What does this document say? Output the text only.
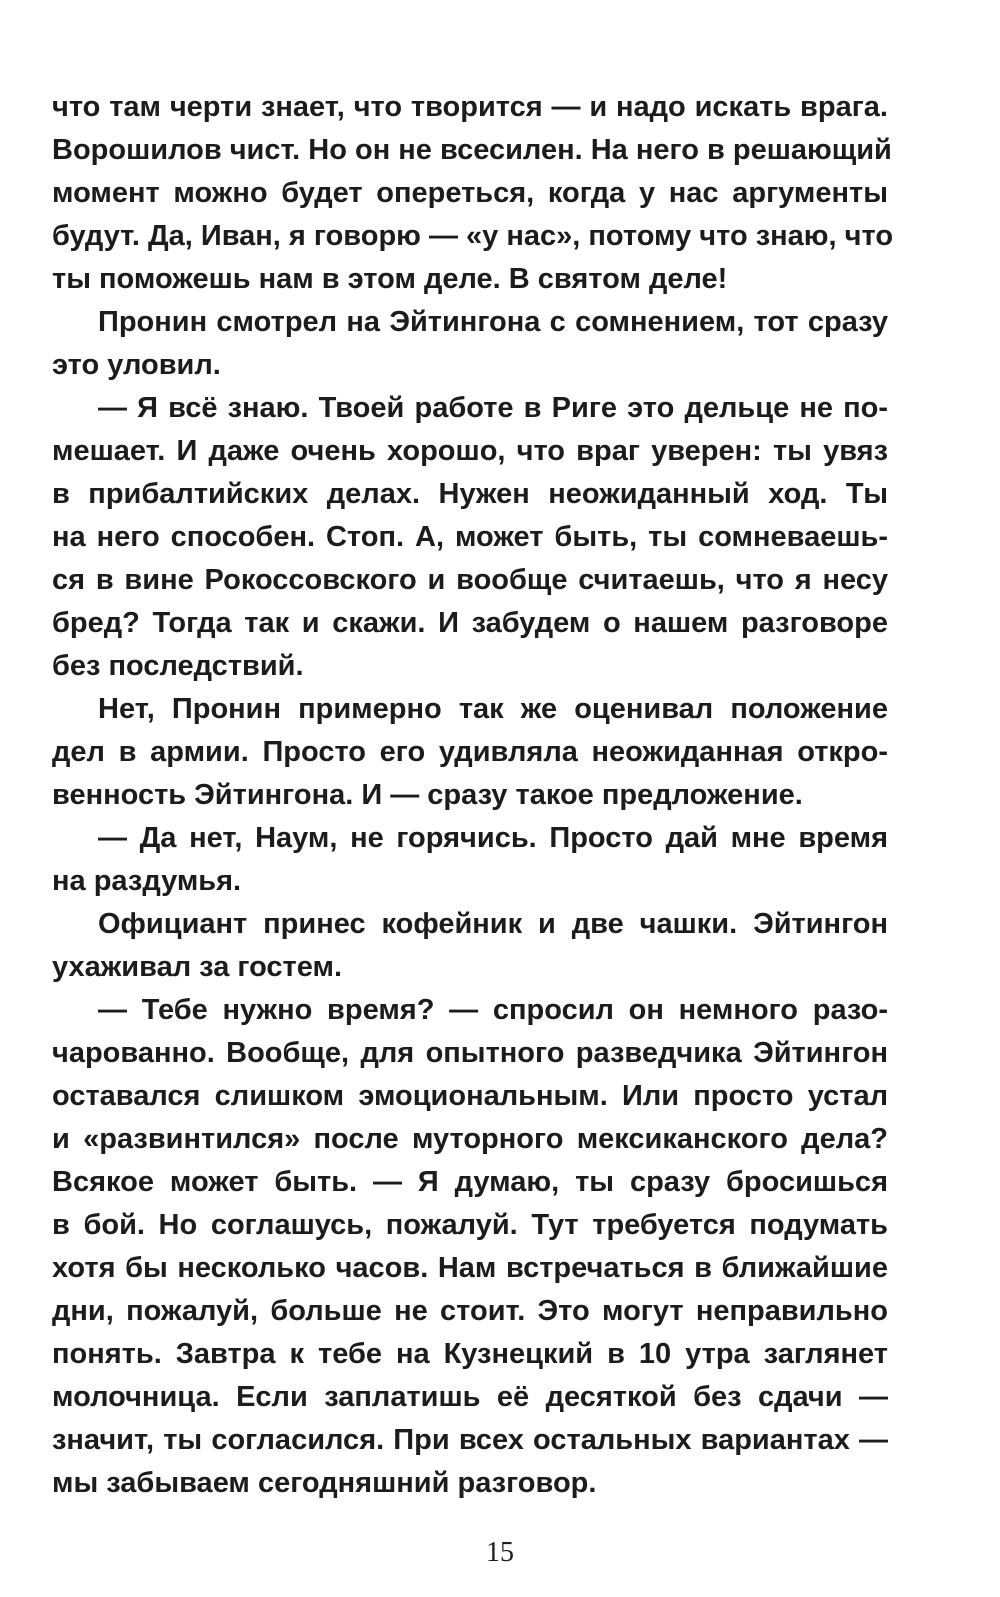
что там черти знает, что творится — и надо искать врага.
Ворошилов чист. Но он не всесилен. На него в решающий
момент можно будет опереться, когда у нас аргументы
будут. Да, Иван, я говорю — «у нас», потому что знаю, что
ты поможешь нам в этом деле. В святом деле!
Пронин смотрел на Эйтингона с сомнением, тот сразу
это уловил.
— Я всё знаю. Твоей работе в Риге это дельце не по-
мешает. И даже очень хорошо, что враг уверен: ты увяз
в прибалтийских делах. Нужен неожиданный ход. Ты
на него способен. Стоп. А, может быть, ты сомневаешь-
ся в вине Рокоссовского и вообще считаешь, что я несу
бред? Тогда так и скажи. И забудем о нашем разговоре
без последствий.
Нет, Пронин примерно так же оценивал положение
дел в армии. Просто его удивляла неожиданная откро-
венность Эйтингона. И — сразу такое предложение.
— Да нет, Наум, не горячись. Просто дай мне время
на раздумья.
Официант принес кофейник и две чашки. Эйтингон
ухаживал за гостем.
— Тебе нужно время? — спросил он немного разо-
чарованно. Вообще, для опытного разведчика Эйтингон
оставался слишком эмоциональным. Или просто устал
и «развинтился» после муторного мексиканского дела?
Всякое может быть. — Я думаю, ты сразу бросишься
в бой. Но соглашусь, пожалуй. Тут требуется подумать
хотя бы несколько часов. Нам встречаться в ближайшие
дни, пожалуй, больше не стоит. Это могут неправильно
понять. Завтра к тебе на Кузнецкий в 10 утра заглянет
молочница. Если заплатишь её десяткой без сдачи —
значит, ты согласился. При всех остальных вариантах —
мы забываем сегодняшний разговор.
15
